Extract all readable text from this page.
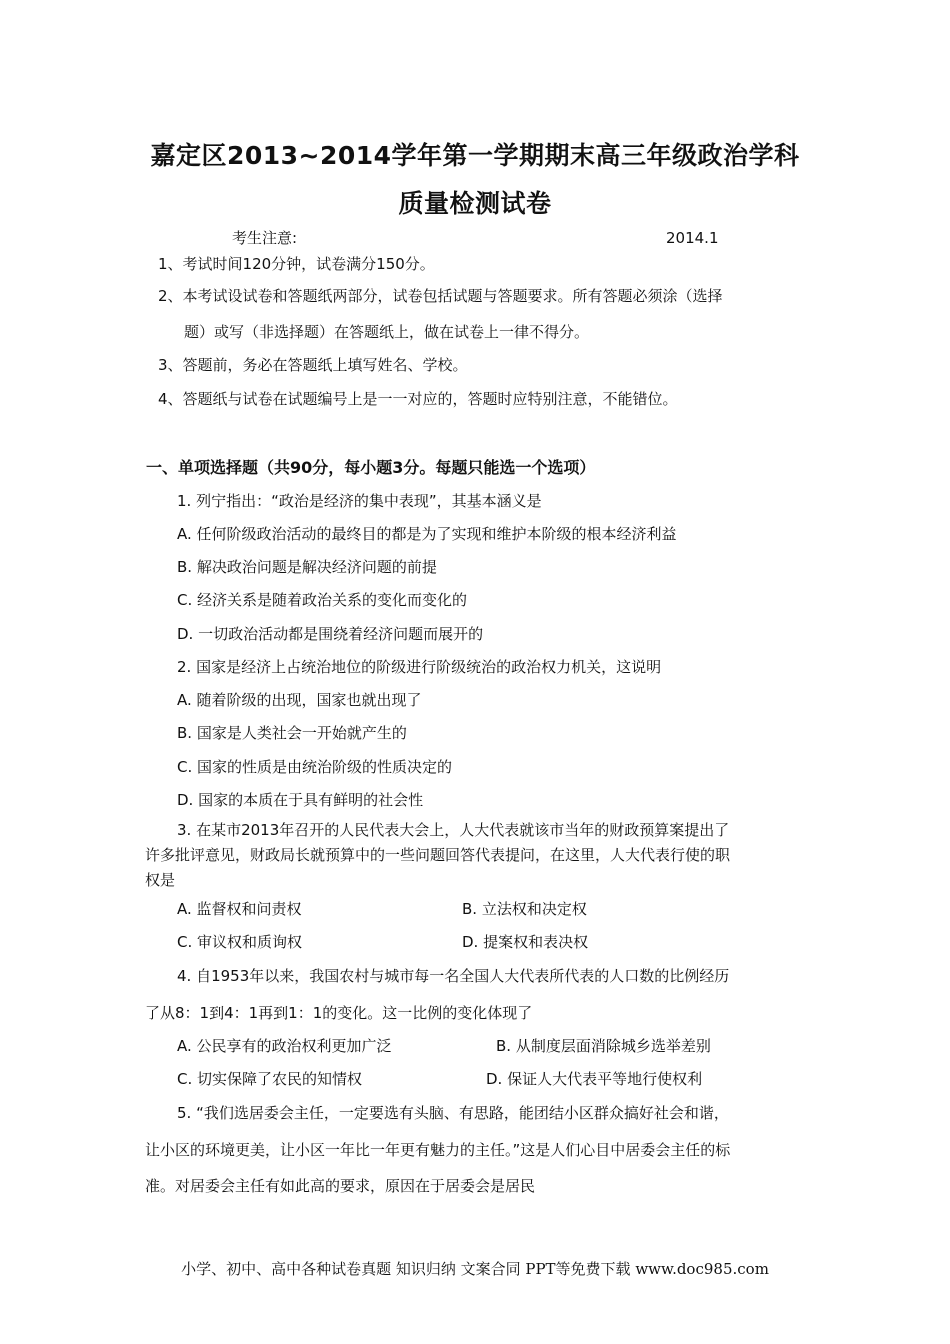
嘉定区2013~2014学年第一学期期末高三年级政治学科
质量检测试卷
考生注意:	2014.1
1、考试时间120分钟，试卷满分150分。
2、本考试设试卷和答题纸两部分，试卷包括试题与答题要求。所有答题必须涂（选择
题）或写（非选择题）在答题纸上，做在试卷上一律不得分。
3、答题前，务必在答题纸上填写姓名、学校。
4、答题纸与试卷在试题编号上是一一对应的，答题时应特别注意，不能错位。
一、单项选择题（共90分，每小题3分。每题只能选一个选项）
1. 列宁指出：“政治是经济的集中表现”，其基本涵义是
A. 任何阶级政治活动的最终目的都是为了实现和维护本阶级的根本经济利益
B. 解决政治问题是解决经济问题的前提
C. 经济关系是随着政治关系的变化而变化的
D. 一切政治活动都是围绕着经济问题而展开的
2. 国家是经济上占统治地位的阶级进行阶级统治的政治权力机关，这说明
A. 随着阶级的出现，国家也就出现了
B. 国家是人类社会一开始就产生的
C. 国家的性质是由统治阶级的性质决定的
D. 国家的本质在于具有鲜明的社会性
3. 在某市2013年召开的人民代表大会上，人大代表就该市当年的财政预算案提出了
许多批评意见，财政局长就预算中的一些问题回答代表提问，在这里，人大代表行使的职
权是
A. 监督权和问责权	B. 立法权和决定权
C. 审议权和质询权	D. 提案权和表决权
4. 自1953年以来，我国农村与城市每一名全国人大代表所代表的人口数的比例经历
了从8：1到4：1再到1：1的变化。这一比例的变化体现了
A. 公民享有的政治权利更加广泛	B. 从制度层面消除城乡选举差别
C. 切实保障了农民的知情权	D. 保证人大代表平等地行使权利
5. “我们选居委会主任，一定要选有头脑、有思路，能团结小区群众搞好社会和谐，
让小区的环境更美，让小区一年比一年更有魅力的主任。”这是人们心目中居委会主任的标
准。对居委会主任有如此高的要求，原因在于居委会是居民
小学、初中、高中各种试卷真题 知识归纳 文案合同 PPT等免费下载 www.doc985.com
